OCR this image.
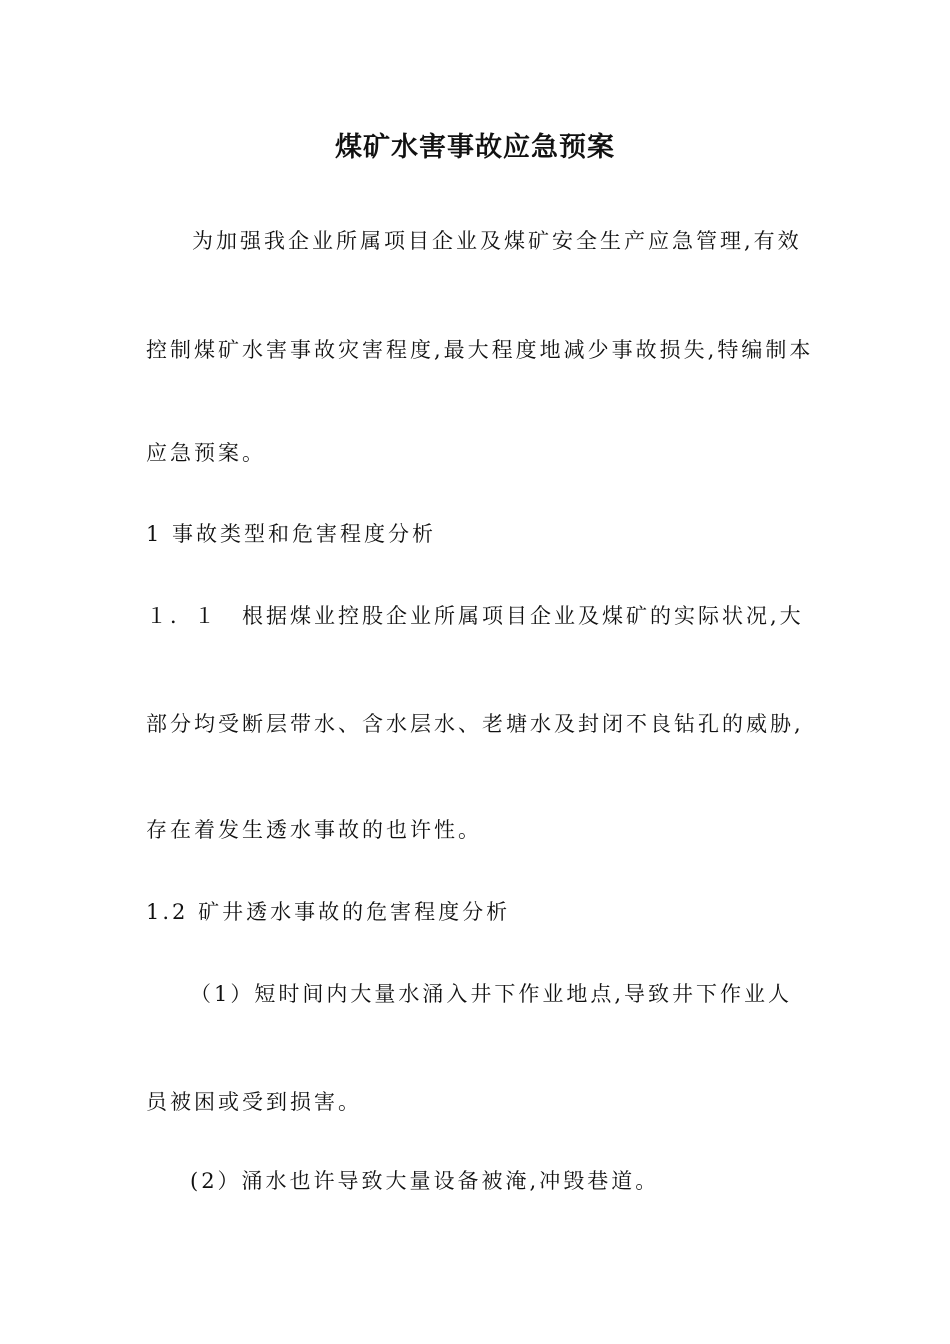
煤矿水害事故应急预案
为加强我企业所属项目企业及煤矿安全生产应急管理,有效
控制煤矿水害事故灾害程度,最大程度地减少事故损失,特编制本
应急预案。
1 事故类型和危害程度分析
１．１　根据煤业控股企业所属项目企业及煤矿的实际状况,大
部分均受断层带水、含水层水、老塘水及封闭不良钻孔的威胁,
存在着发生透水事故的也许性。
1.2 矿井透水事故的危害程度分析
（1）短时间内大量水涌入井下作业地点,导致井下作业人
员被困或受到损害。
(2）涌水也许导致大量设备被淹,冲毁巷道。
